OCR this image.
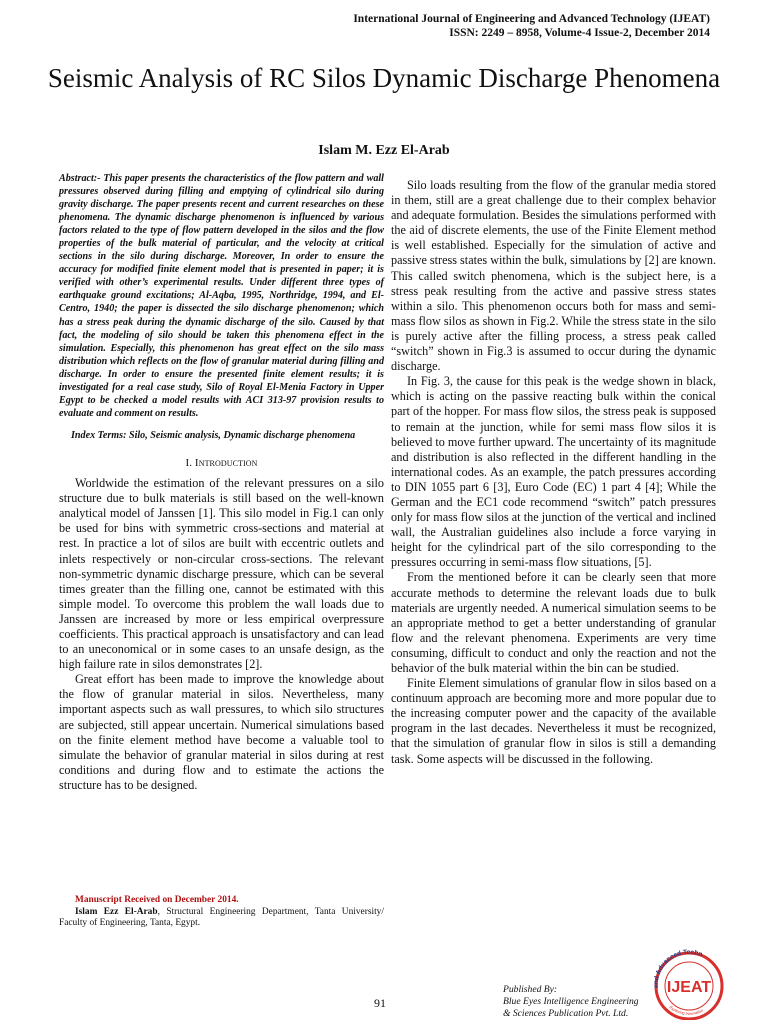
International Journal of Engineering and Advanced Technology (IJEAT)
ISSN: 2249 – 8958, Volume-4 Issue-2, December 2014
Seismic Analysis of RC Silos Dynamic Discharge Phenomena
Islam M. Ezz El-Arab

Abstract:- This paper presents the characteristics of the flow pattern and wall pressures observed during filling and emptying of cylindrical silo during gravity discharge. The paper presents recent and current researches on these phenomena. The dynamic discharge phenomenon is influenced by various factors related to the type of flow pattern developed in the silos and the flow properties of the bulk material of particular, and the velocity at critical sections in the silo during discharge. Moreover, In order to ensure the accuracy for modified finite element model that is presented in paper; it is verified with other’s experimental results. Under different three types of earthquake ground excitations; Al-Aqba, 1995, Northridge, 1994, and El-Centro, 1940; the paper is dissected the silo discharge phenomenon; which has a stress peak during the dynamic discharge of the silo. Caused by that fact, the modeling of silo should be taken this phenomena effect in the simulation. Especially, this phenomenon has great effect on the silo mass distribution which reflects on the flow of granular material during filling and discharge. In order to ensure the presented finite element results; it is investigated for a real case study, Silo of Royal El-Menia Factory in Upper Egypt to be checked a model results with ACI 313-97 provision results to evaluate and comment on results.

Index Terms: Silo, Seismic analysis, Dynamic discharge phenomena

I. Introduction

Worldwide the estimation of the relevant pressures on a silo structure due to bulk materials is still based on the well-known analytical model of Janssen [1]. This silo model in Fig.1 can only be used for bins with symmetric cross-sections and material at rest. In practice a lot of silos are built with eccentric outlets and inlets respectively or non-circular cross-sections. The relevant non-symmetric dynamic discharge pressure, which can be several times greater than the filling one, cannot be estimated with this simple model. To overcome this problem the wall loads due to Janssen are increased by more or less empirical overpressure coefficients. This practical approach is unsatisfactory and can lead to an uneconomical or in some cases to an unsafe design, as the high failure rate in silos demonstrates [2].

Great effort has been made to improve the knowledge about the flow of granular material in silos. Nevertheless, many important aspects such as wall pressures, to which silo structures are subjected, still appear uncertain. Numerical simulations based on the finite element method have become a valuable tool to simulate the behavior of granular material in silos during at rest conditions and during flow and to estimate the actions the structure has to be designed.

Silo loads resulting from the flow of the granular media stored in them, still are a great challenge due to their complex behavior and adequate formulation. Besides the simulations performed with the aid of discrete elements, the use of the Finite Element method is well established. Especially for the simulation of active and passive stress states within the bulk, simulations by [2] are known. This called switch phenomena, which is the subject here, is a stress peak resulting from the active and passive stress states within a silo. This phenomenon occurs both for mass and semi-mass flow silos as shown in Fig.2. While the stress state in the silo is purely active after the filling process, a stress peak called “switch” shown in Fig.3 is assumed to occur during the dynamic discharge.

In Fig. 3, the cause for this peak is the wedge shown in black, which is acting on the passive reacting bulk within the conical part of the hopper. For mass flow silos, the stress peak is supposed to remain at the junction, while for semi mass flow silos it is believed to move further upward. The uncertainty of its magnitude and distribution is also reflected in the different handling in the international codes. As an example, the patch pressures according to DIN 1055 part 6 [3], Euro Code (EC) 1 part 4 [4]; While the German and the EC1 code recommend “switch” patch pressures only for mass flow silos at the junction of the vertical and inclined wall, the Australian guidelines also include a force varying in height for the cylindrical part of the silo corresponding to the pressures occurring in semi-mass flow situations, [5].

From the mentioned before it can be clearly seen that more accurate methods to determine the relevant loads due to bulk materials are urgently needed. A numerical simulation seems to be an appropriate method to get a better understanding of granular flow and the relevant phenomena. Experiments are very time consuming, difficult to conduct and only the reaction and not the behavior of the bulk material within the bin can be studied.

Finite Element simulations of granular flow in silos based on a continuum approach are becoming more and more popular due to the increasing computer power and the capacity of the available program in the last decades. Nevertheless it must be recognized, that the simulation of granular flow in silos is still a demanding task. Some aspects will be discussed in the following.

Manuscript Received on December 2014.

Islam Ezz El-Arab, Structural Engineering Department, Tanta University/ Faculty of Engineering, Tanta, Egypt.

91
Published By:
Blue Eyes Intelligence Engineering
& Sciences Publication Pvt. Ltd.
and Advanced Techn
Exploring Innovation
IJEAT
